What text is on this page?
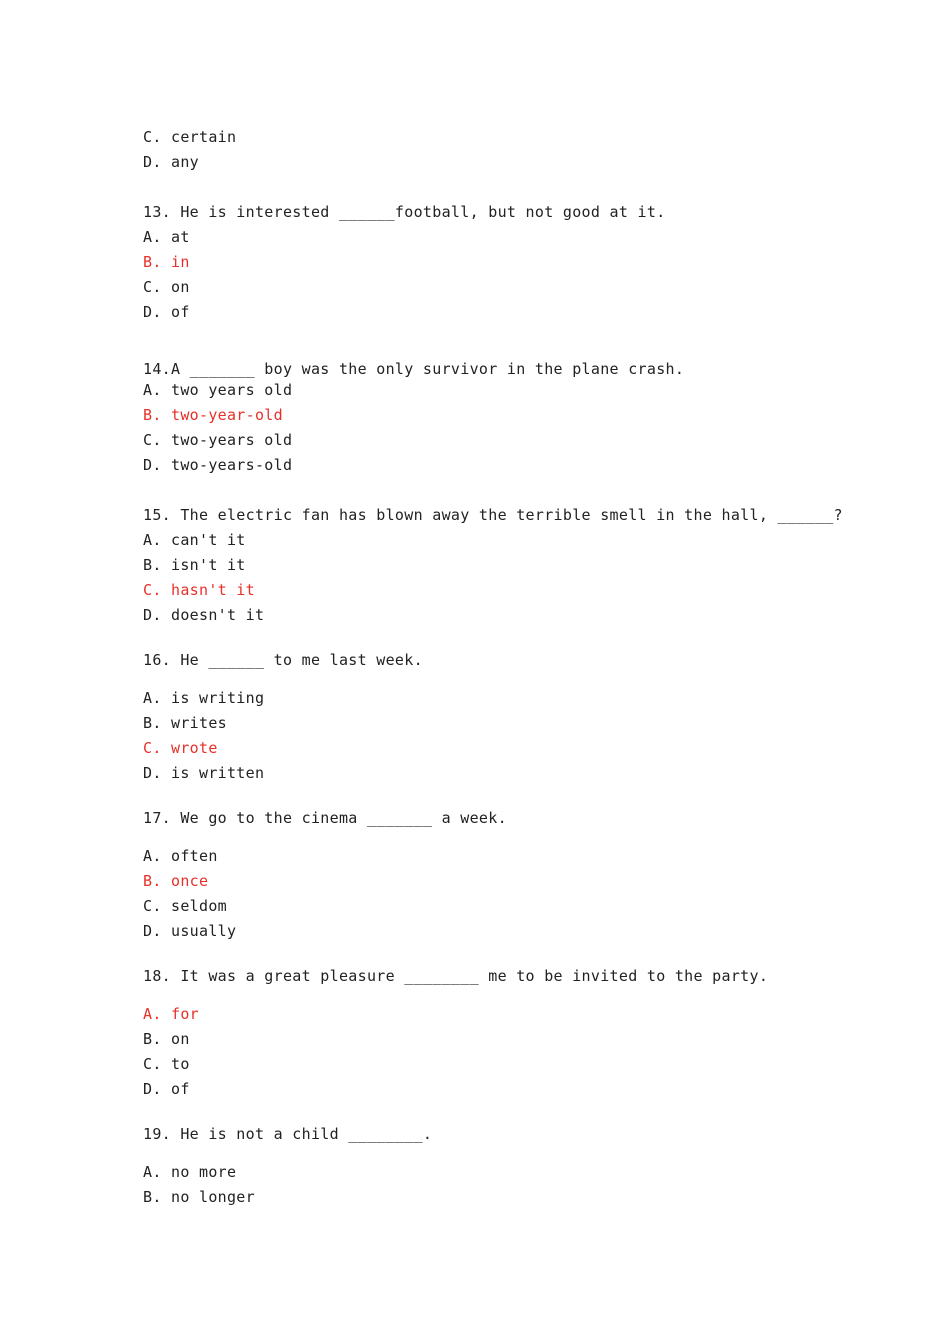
C. certain
D. any
13. He is interested ______football, but not good at it.
A. at
B. in
C. on
D. of
14.A _______ boy was the only survivor in the plane crash.
A. two years old
B. two-year-old
C. two-years old
D. two-years-old
15. The electric fan has blown away the terrible smell in the hall, ______?
A. can't it
B. isn't it
C. hasn't it
D. doesn't it
16. He ______ to me last week.
A. is writing
B. writes
C. wrote
D. is written
17. We go to the cinema _______ a week.
A. often
B. once
C. seldom
D. usually
18. It was a great pleasure ________ me to be invited to the party.
A. for
B. on
C. to
D. of
19. He is not a child ________.
A. no more
B. no longer
